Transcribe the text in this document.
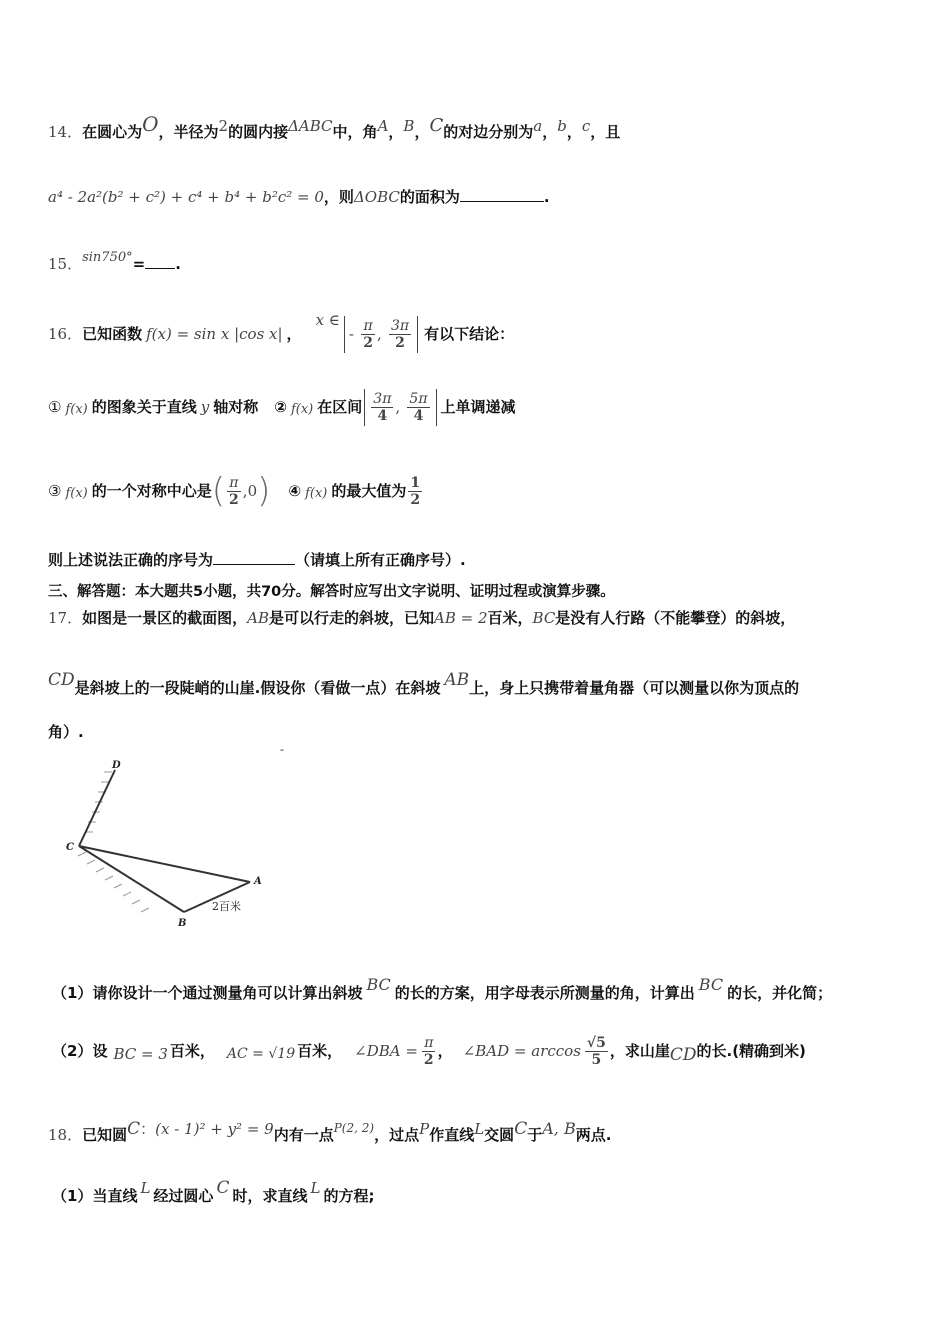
14．在圆心为O，半径为2的圆内接ΔABC中，角A，B，C的对边分别为a，b，c，且
a⁴ - 2a²(b² + c²) + c⁴ + b⁴ + b²c² = 0，则ΔOBC的面积为	.
15．sin750°= .
16． 已知函数 f(x) = sin x |cos x| ，
x ∈
- $\frac{\pi}{2}$ , $\frac{3\pi}{2}$ 有以下结论：
① f(x) 的图象关于直线 y 轴对称 ② f(x) 在区间 $\frac{3\pi}{4}$ , $\frac{5\pi}{4}$ 上单调递减
③ f(x) 的一个对称中心是 ( $\frac{\pi}{2}$ , 0 ) ④ f(x) 的最大值为 $\frac{1}{2}$
则上述说法正确的序号为	（请填上所有正确序号）.
三、解答题：本大题共5小题，共70分。解答时应写出文字说明、证明过程或演算步骤。
17．如图是一景区的截面图，AB是可以行走的斜坡，已知AB = 2百米，BC是没有人行路（不能攀登）的斜坡，
CD是斜坡上的一段陡峭的山崖.假设你（看做一点）在斜坡 AB上，身上只携带着量角器（可以测量以你为顶点的
角）.
-
D
C
A
B
2百米
（1）请你设计一个通过测量角可以计算出斜坡 BC 的长的方案，用字母表示所测量的角，计算出 BC 的长，并化简；
（2） 设 BC = 3 百米， AC = √19 百米， ∠DBA = $\frac{\pi}{2}$ ， ∠BAD = $\arccos \frac{√5}{5}$ ，求山崖 CD 的长.(精确到米)
18．已知圆C：(x - 1)² + y² = 9内有一点$^{P(2, 2)}$，过点P作直线L交圆C于A, B两点.
（1）当直线 L 经过圆心 C 时，求直线 L 的方程;
